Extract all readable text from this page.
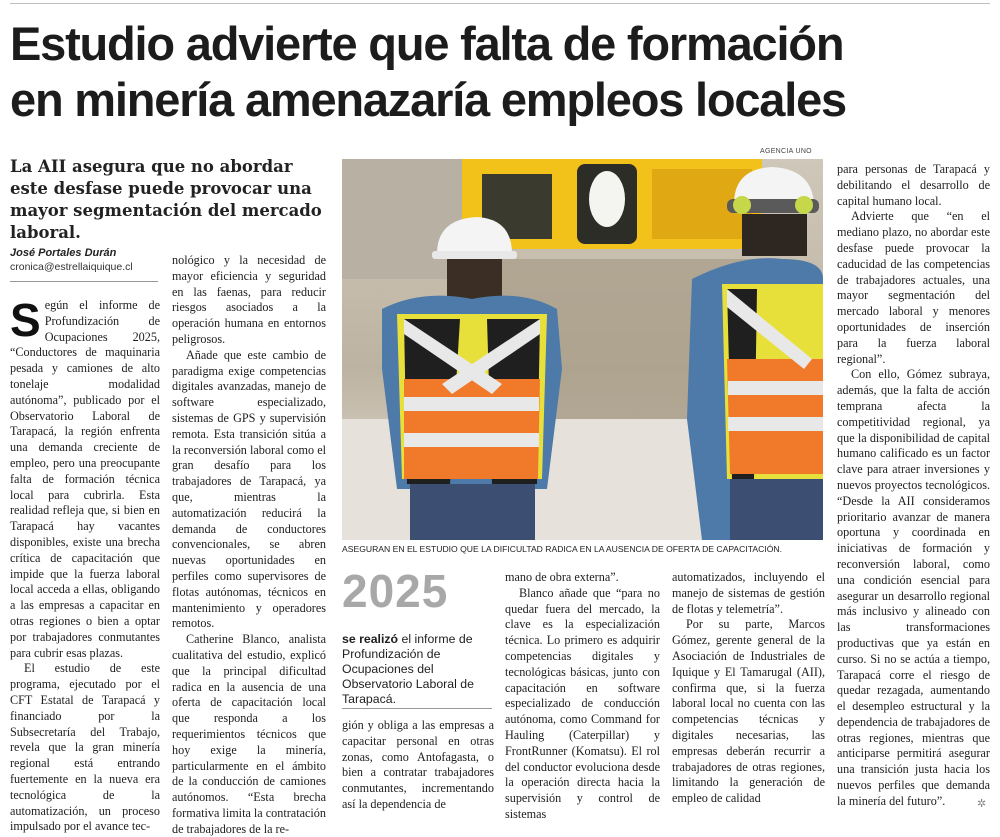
Estudio advierte que falta de formación
en minería amenazaría empleos locales
La AII asegura que no abordar este desfase puede provocar una mayor segmentación del mercado laboral.
José Portales Durán
cronica@estrellaiquique.cl

Según el informe de Profundización de Ocupaciones 2025, “Conductores de maquinaria pesada y camiones de alto tonelaje modalidad autónoma”, publicado por el Observatorio Laboral de Tarapacá, la región enfrenta una demanda creciente de empleo, pero una preocupante falta de formación técnica local para cubrirla. Esta realidad refleja que, si bien en Tarapacá hay vacantes disponibles, existe una brecha crítica de capacitación que impide que la fuerza laboral local acceda a ellas, obligando a las empresas a capacitar en otras regiones o bien a optar por trabajadores conmutantes para cubrir esas plazas.

El estudio de este programa, ejecutado por el CFT Estatal de Tarapacá y financiado por la Subsecretaría del Trabajo, revela que la gran minería regional está entrando fuertemente en la nueva era tecnológica de la automatización, un proceso impulsado por el avance tec-

nológico y la necesidad de mayor eficiencia y seguridad en las faenas, para reducir riesgos asociados a la operación humana en entornos peligrosos.

Añade que este cambio de paradigma exige competencias digitales avanzadas, manejo de software especializado, sistemas de GPS y supervisión remota. Esta transición sitúa a la reconversión laboral como el gran desafío para los trabajadores de Tarapacá, ya que, mientras la automatización reducirá la demanda de conductores convencionales, se abren nuevas oportunidades en perfiles como supervisores de flotas autónomas, técnicos en mantenimiento y operadores remotos.

Catherine Blanco, analista cualitativa del estudio, explicó que la principal dificultad radica en la ausencia de una oferta de capacitación local que responda a los requerimientos técnicos que hoy exige la minería, particularmente en el ámbito de la conducción de camiones autónomos. “Esta brecha formativa limita la contratación de trabajadores de la re-

AGENCIA UNO
ASEGURAN EN EL ESTUDIO QUE LA DIFICULTAD RADICA EN LA AUSENCIA DE OFERTA DE CAPACITACIÓN.
2025
se realizó el informe de Profundización de Ocupaciones del Observatorio Laboral de Tarapacá.

gión y obliga a las empresas a capacitar personal en otras zonas, como Antofagasta, o bien a contratar trabajadores conmutantes, incrementando así la dependencia de

mano de obra externa”.

Blanco añade que “para no quedar fuera del mercado, la clave es la especialización técnica. Lo primero es adquirir competencias digitales y tecnológicas básicas, junto con capacitación en software especializado de conducción autónoma, como Command for Hauling (Caterpillar) y FrontRunner (Komatsu). El rol del conductor evoluciona desde la operación directa hacia la supervisión y control de sistemas

automatizados, incluyendo el manejo de sistemas de gestión de flotas y telemetría”.

Por su parte, Marcos Gómez, gerente general de la Asociación de Industriales de Iquique y El Tamarugal (AII), confirma que, si la fuerza laboral local no cuenta con las competencias técnicas y digitales necesarias, las empresas deberán recurrir a trabajadores de otras regiones, limitando la generación de empleo de calidad

para personas de Tarapacá y debilitando el desarrollo de capital humano local.

Advierte que “en el mediano plazo, no abordar este desfase puede provocar la caducidad de las competencias de trabajadores actuales, una mayor segmentación del mercado laboral y menores oportunidades de inserción para la fuerza laboral regional”.

Con ello, Gómez subraya, además, que la falta de acción temprana afecta la competitividad regional, ya que la disponibilidad de capital humano calificado es un factor clave para atraer inversiones y nuevos proyectos tecnológicos. “Desde la AII consideramos prioritario avanzar de manera oportuna y coordinada en iniciativas de formación y reconversión laboral, como una condición esencial para asegurar un desarrollo regional más inclusivo y alineado con las transformaciones productivas que ya están en curso. Si no se actúa a tiempo, Tarapacá corre el riesgo de quedar rezagada, aumentando el desempleo estructural y la dependencia de trabajadores de otras regiones, mientras que anticiparse permitirá asegurar una transición justa hacia los nuevos perfiles que demanda la minería del futuro”.	✲
